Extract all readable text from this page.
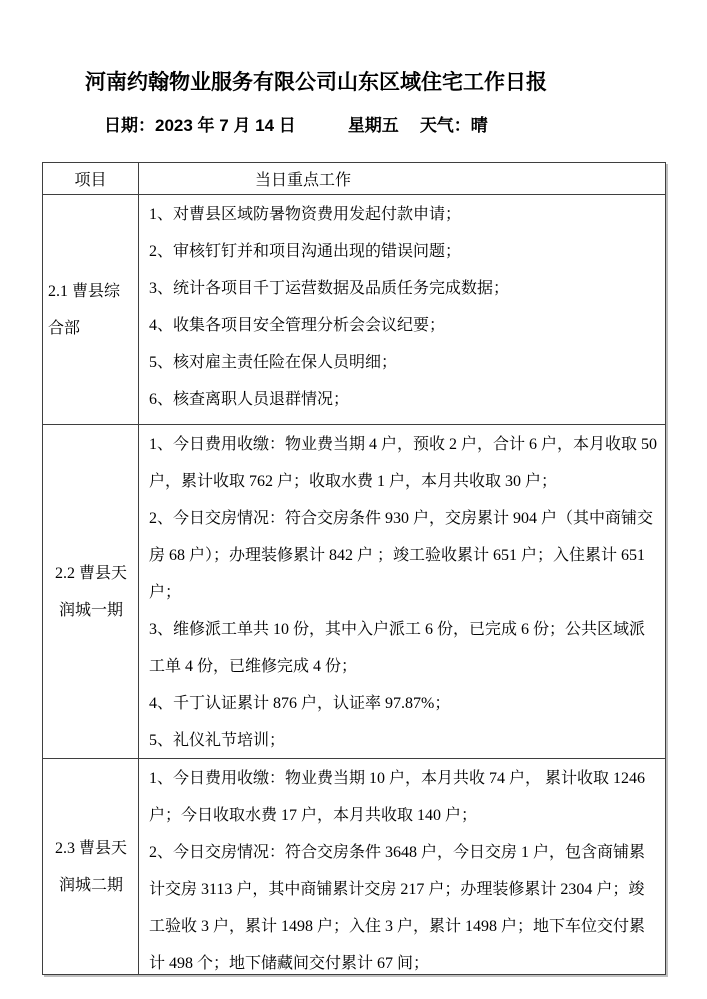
河南约翰物业服务有限公司山东区域住宅工作日报
日期：2023 年 7 月 14 日	星期五 天气：晴
项目	当日重点工作
2.1 曹县综
合部

1、对曹县区域防暑物资费用发起付款申请；

2、审核钉钉并和项目沟通出现的错误问题；

3、统计各项目千丁运营数据及品质任务完成数据；

4、收集各项目安全管理分析会会议纪要；

5、核对雇主责任险在保人员明细；

6、核查离职人员退群情况；

2.2 曹县天
润城一期

1、今日费用收缴：物业费当期 4 户，预收 2 户，合计 6 户，本月收取 50 户，累计收取 762 户；收取水费 1 户，本月共收取 30 户；

2、今日交房情况：符合交房条件 930 户，交房累计 904 户（其中商铺交房 68 户）；办理装修累计 842 户 ；竣工验收累计 651 户；入住累计 651 户；

3、维修派工单共 10 份，其中入户派工 6 份，已完成 6 份；公共区域派工单 4 份，已维修完成 4 份；

4、千丁认证累计 876 户，认证率 97.87%；

5、礼仪礼节培训；

2.3 曹县天
润城二期

1、今日费用收缴：物业费当期 10 户，本月共收 74 户， 累计收取 1246 户；今日收取水费 17 户，本月共收取 140 户；

2、今日交房情况：符合交房条件 3648 户，今日交房 1 户，包含商铺累计交房 3113 户，其中商铺累计交房 217 户；办理装修累计 2304 户；竣工验收 3 户，累计 1498 户；入住 3 户，累计 1498 户；地下车位交付累计 498 个；地下储藏间交付累计 67 间；
